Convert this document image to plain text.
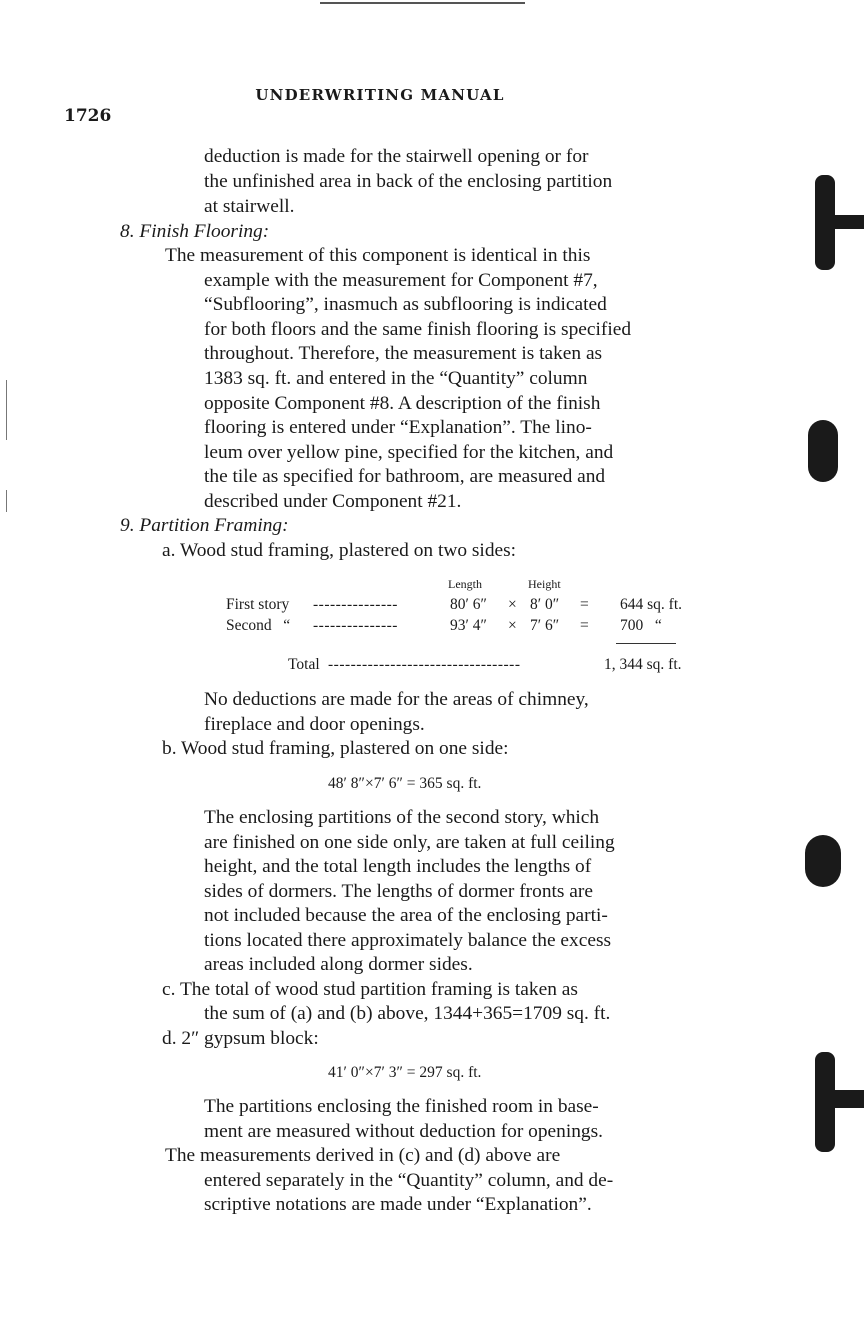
UNDERWRITING MANUAL
1726
deduction is made for the stairwell opening or for
the unfinished area in back of the enclosing partition
at stairwell.
8. Finish Flooring:
The measurement of this component is identical in this
example with the measurement for Component #7,
“Subflooring”, inasmuch as subflooring is indicated
for both floors and the same finish flooring is specified
throughout. Therefore, the measurement is taken as
1383 sq. ft. and entered in the “Quantity” column
opposite Component #8. A description of the finish
flooring is entered under “Explanation”. The lino-
leum over yellow pine, specified for the kitchen, and
the tile as specified for bathroom, are measured and
described under Component #21.
9. Partition Framing:
a. Wood stud framing, plastered on two sides:
Length	Height
First story ---------------	80′ 6″ × 8′ 0″ = 644 sq. ft.
Second   “ ---------------	93′ 4″ × 7′ 6″ = 700   “
Total ----------------------------------	1, 344 sq. ft.
No deductions are made for the areas of chimney,
fireplace and door openings.
b. Wood stud framing, plastered on one side:
48′ 8″×7′ 6″ = 365 sq. ft.
The enclosing partitions of the second story, which
are finished on one side only, are taken at full ceiling
height, and the total length includes the lengths of
sides of dormers. The lengths of dormer fronts are
not included because the area of the enclosing parti-
tions located there approximately balance the excess
areas included along dormer sides.
c. The total of wood stud partition framing is taken as
the sum of (a) and (b) above, 1344+365=1709 sq. ft.
d. 2″ gypsum block:
41′ 0″×7′ 3″ = 297 sq. ft.
The partitions enclosing the finished room in base-
ment are measured without deduction for openings.
The measurements derived in (c) and (d) above are
entered separately in the “Quantity” column, and de-
scriptive notations are made under “Explanation”.
